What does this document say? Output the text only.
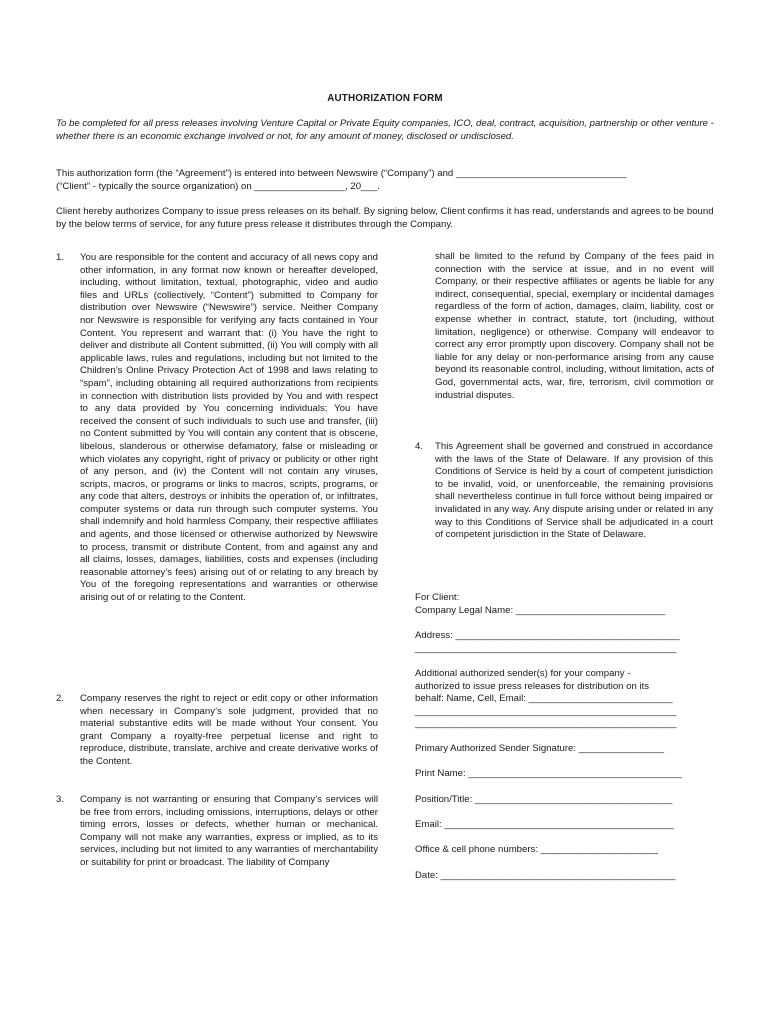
AUTHORIZATION FORM
To be completed for all press releases involving Venture Capital or Private Equity companies, ICO, deal, contract, acquisition, partnership or other venture - whether there is an economic exchange involved or not, for any amount of money, disclosed or undisclosed.
This authorization form (the “Agreement”) is entered into between Newswire (“Company”) and ________________________________
(“Client” - typically the source organization) on _________________, 20___.
Client hereby authorizes Company to issue press releases on its behalf. By signing below, Client confirms it has read, understands and agrees to be bound by the below terms of service, for any future press release it distributes through the Company.
1. You are responsible for the content and accuracy of all news copy and other information, in any format now known or hereafter developed, including, without limitation, textual, photographic, video and audio files and URLs (collectively, “Content”) submitted to Company for distribution over Newswire (“Newswire”) service. Neither Company nor Newswire is responsible for verifying any facts contained in Your Content. You represent and warrant that: (i) You have the right to deliver and distribute all Content submitted, (ii) You will comply with all applicable laws, rules and regulations, including but not limited to the Children’s Online Privacy Protection Act of 1998 and laws relating to “spam”, including obtaining all required authorizations from recipients in connection with distribution lists provided by You and with respect to any data provided by You concerning individuals; You have received the consent of such individuals to such use and transfer, (iii) no Content submitted by You will contain any content that is obscene, libelous, slanderous or otherwise defamatory, false or misleading or which violates any copyright, right of privacy or publicity or other right of any person, and (iv) the Content will not contain any viruses, scripts, macros, or programs or links to macros, scripts, programs, or any code that alters, destroys or inhibits the operation of, or infiltrates, computer systems or data run through such computer systems. You shall indemnify and hold harmless Company, their respective affiliates and agents, and those licensed or otherwise authorized by Newswire to process, transmit or distribute Content, from and against any and all claims, losses, damages, liabilities, costs and expenses (including reasonable attorney’s fees) arising out of or relating to any breach by You of the foregoing representations and warranties or otherwise arising out of or relating to the Content.
2. Company reserves the right to reject or edit copy or other information when necessary in Company’s sole judgment, provided that no material substantive edits will be made without Your consent. You grant Company a royalty-free perpetual license and right to reproduce, distribute, translate, archive and create derivative works of the Content.
3. Company is not warranting or ensuring that Company’s services will be free from errors, including omissions, interruptions, delays or other timing errors, losses or defects, whether human or mechanical. Company will not make any warranties, express or implied, as to its services, including but not limited to any warranties of merchantability or suitability for print or broadcast. The liability of Company
shall be limited to the refund by Company of the fees paid in connection with the service at issue, and in no event will Company, or their respective affiliates or agents be liable for any indirect, consequential, special, exemplary or incidental damages regardless of the form of action, damages, claim, liability, cost or expense whether in contract, statute, tort (including, without limitation, negligence) or otherwise. Company will endeavor to correct any error promptly upon discovery. Company shall not be liable for any delay or non-performance arising from any cause beyond its reasonable control, including, without limitation, acts of God, governmental acts, war, fire, terrorism, civil commotion or industrial disputes.
4. This Agreement shall be governed and construed in accordance with the laws of the State of Delaware. If any provision of this Conditions of Service is held by a court of competent jurisdiction to be invalid, void, or unenforceable, the remaining provisions shall nevertheless continue in full force without being impaired or invalidated in any way. Any dispute arising under or related in any way to this Conditions of Service shall be adjudicated in a court of competent jurisdiction in the State of Delaware.
For Client:
Company Legal Name: ____________________________
Address: __________________________________________
_________________________________________________
Additional authorized sender(s) for your company -
authorized to issue press releases for distribution on its
behalf: Name, Cell, Email: ___________________________
_________________________________________________
_________________________________________________
Primary Authorized Sender Signature: ________________
Print Name: ________________________________________
Position/Title: _____________________________________
Email: ___________________________________________
Office & cell phone numbers: ______________________
Date: ____________________________________________
